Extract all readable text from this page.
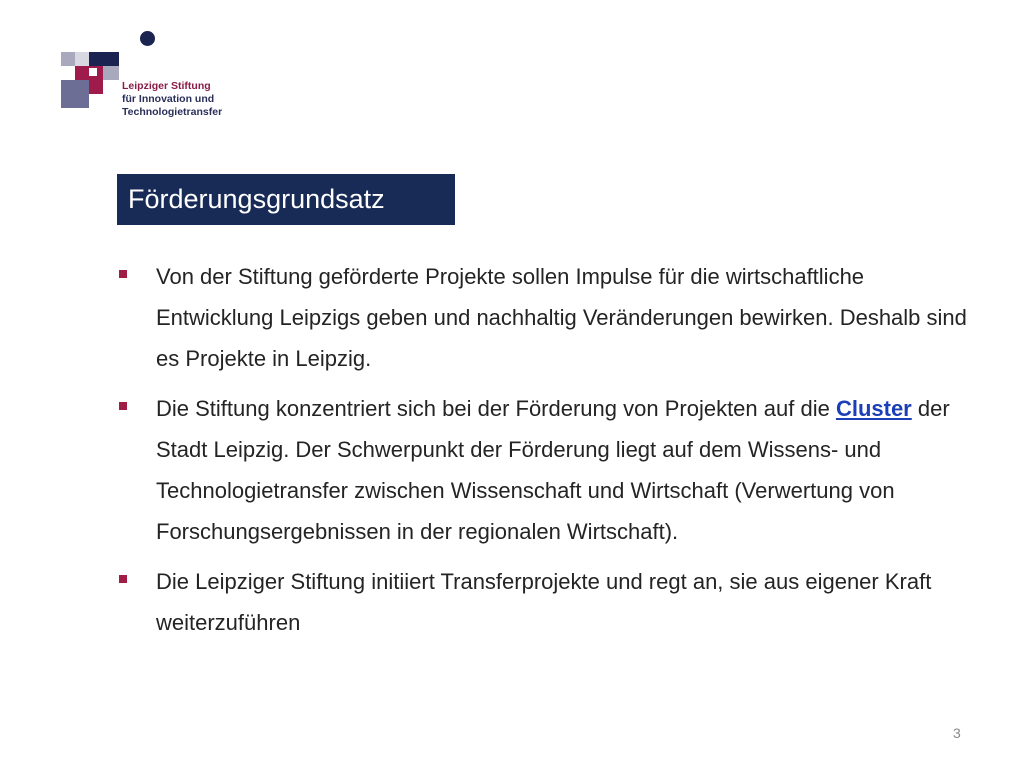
Leipziger Stiftung
für Innovation und
Technologietransfer
Förderungsgrundsatz
Von der Stiftung geförderte Projekte sollen Impulse für die wirtschaftliche Entwicklung Leipzigs geben und nachhaltig Veränderungen bewirken. Deshalb sind es Projekte in Leipzig.
Die Stiftung konzentriert sich bei der Förderung von Projekten auf die Cluster der Stadt Leipzig. Der Schwerpunkt der Förderung liegt auf dem Wissens- und Technologietransfer zwischen Wissenschaft und Wirtschaft (Verwertung von Forschungsergebnissen in der regionalen Wirtschaft).
Die Leipziger Stiftung initiiert Transferprojekte und regt an, sie aus eigener Kraft weiterzuführen
3
